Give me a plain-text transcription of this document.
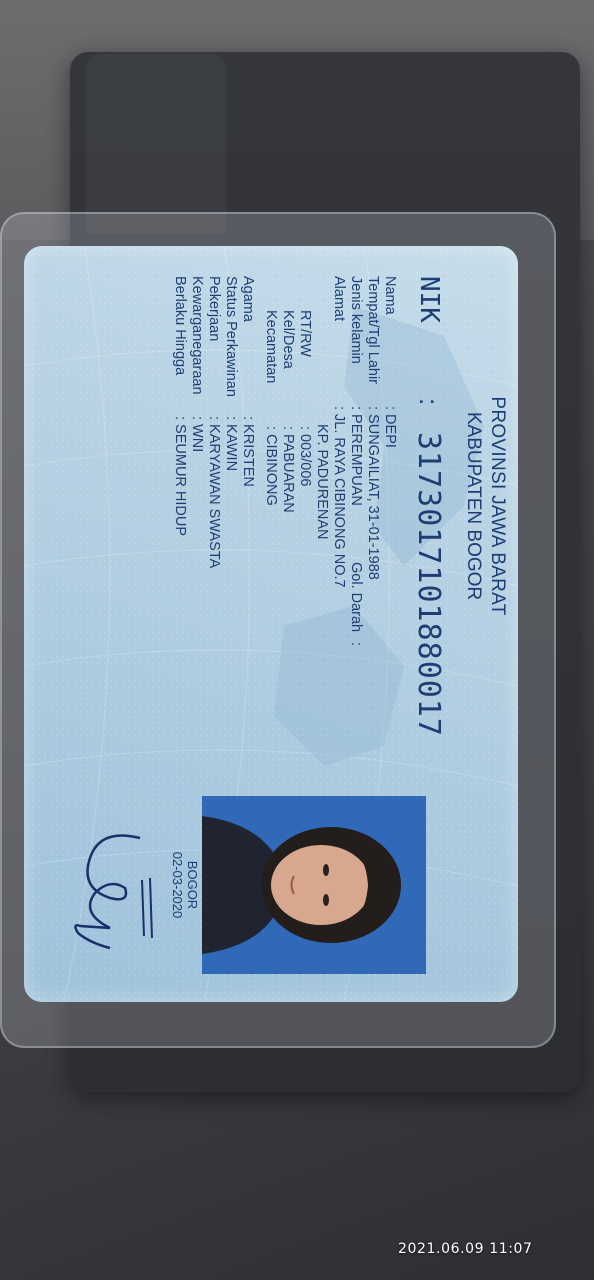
PROVINSI JAWA BARAT
KABUPATEN BOGOR
NIK
:
3173017101880017
Nama
: DEPI
Tempat/Tgl Lahir
: SUNGAILIAT, 31-01-1988
Jenis kelamin
: PEREMPUAN
Gol. Darah
:
Alamat
: JL. RAYA CIBINONG NO.7
KP. PADURENAN
RT/RW
: 003/006
Kel/Desa
: PABUARAN
Kecamatan
: CIBINONG
Agama
: KRISTEN
Status Perkawinan
: KAWIN
Pekerjaan
: KARYAWAN SWASTA
Kewarganegaraan
: WNI
Berlaku Hingga
: SEUMUR HIDUP
BOGOR
02-03-2020
2021.06.09 11:07
